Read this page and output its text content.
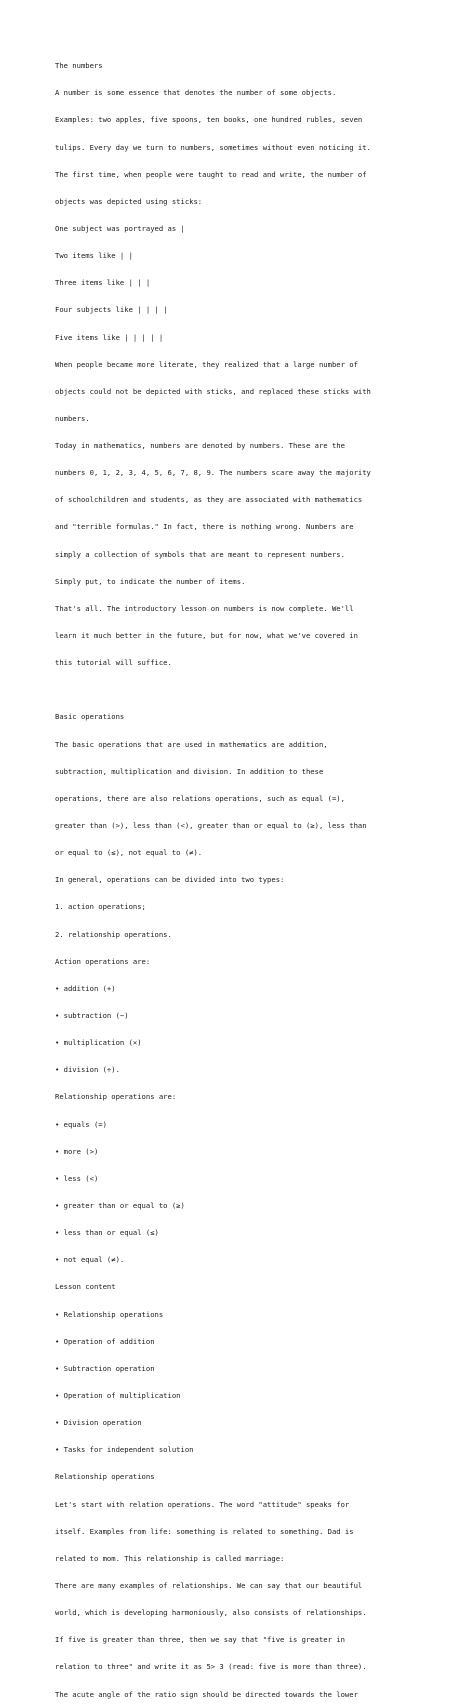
The numbers

A number is some essence that denotes the number of some objects.

Examples: two apples, five spoons, ten books, one hundred rubles, seven

tulips. Every day we turn to numbers, sometimes without even noticing it.

The first time, when people were taught to read and write, the number of

objects was depicted using sticks:

One subject was portrayed as |

Two items like | |

Three items like | | |

Four subjects like | | | |

Five items like | | | | |

When people became more literate, they realized that a large number of

objects could not be depicted with sticks, and replaced these sticks with

numbers.

Today in mathematics, numbers are denoted by numbers. These are the

numbers 0, 1, 2, 3, 4, 5, 6, 7, 8, 9. The numbers scare away the majority

of schoolchildren and students, as they are associated with mathematics

and "terrible formulas." In fact, there is nothing wrong. Numbers are

simply a collection of symbols that are meant to represent numbers.

Simply put, to indicate the number of items.

That's all. The introductory lesson on numbers is now complete. We'll

learn it much better in the future, but for now, what we've covered in

this tutorial will suffice.

Basic operations

The basic operations that are used in mathematics are addition,

subtraction, multiplication and division. In addition to these

operations, there are also relations operations, such as equal (=),

greater than (>), less than (<), greater than or equal to (≥), less than

or equal to (≤), not equal to (≠).

In general, operations can be divided into two types:

1. action operations;

2. relationship operations.

Action operations are:

• addition (+)

• subtraction (−)

• multiplication (×)

• division (÷).

Relationship operations are:

• equals (=)

• more (>)

• less (<)

• greater than or equal to (≥)

• less than or equal (≤)

• not equal (≠).

Lesson content

• Relationship operations

• Operation of addition

• Subtraction operation

• Operation of multiplication

• Division operation

• Tasks for independent solution

Relationship operations

Let's start with relation operations. The word "attitude" speaks for

itself. Examples from life: something is related to something. Dad is

related to mom. This relationship is called marriage:

There are many examples of relationships. We can say that our beautiful

world, which is developing harmoniously, also consists of relationships.

If five is greater than three, then we say that "five is greater in

relation to three" and write it as 5> 3 (read: five is more than three).

The acute angle of the ratio sign should be directed towards the lower
